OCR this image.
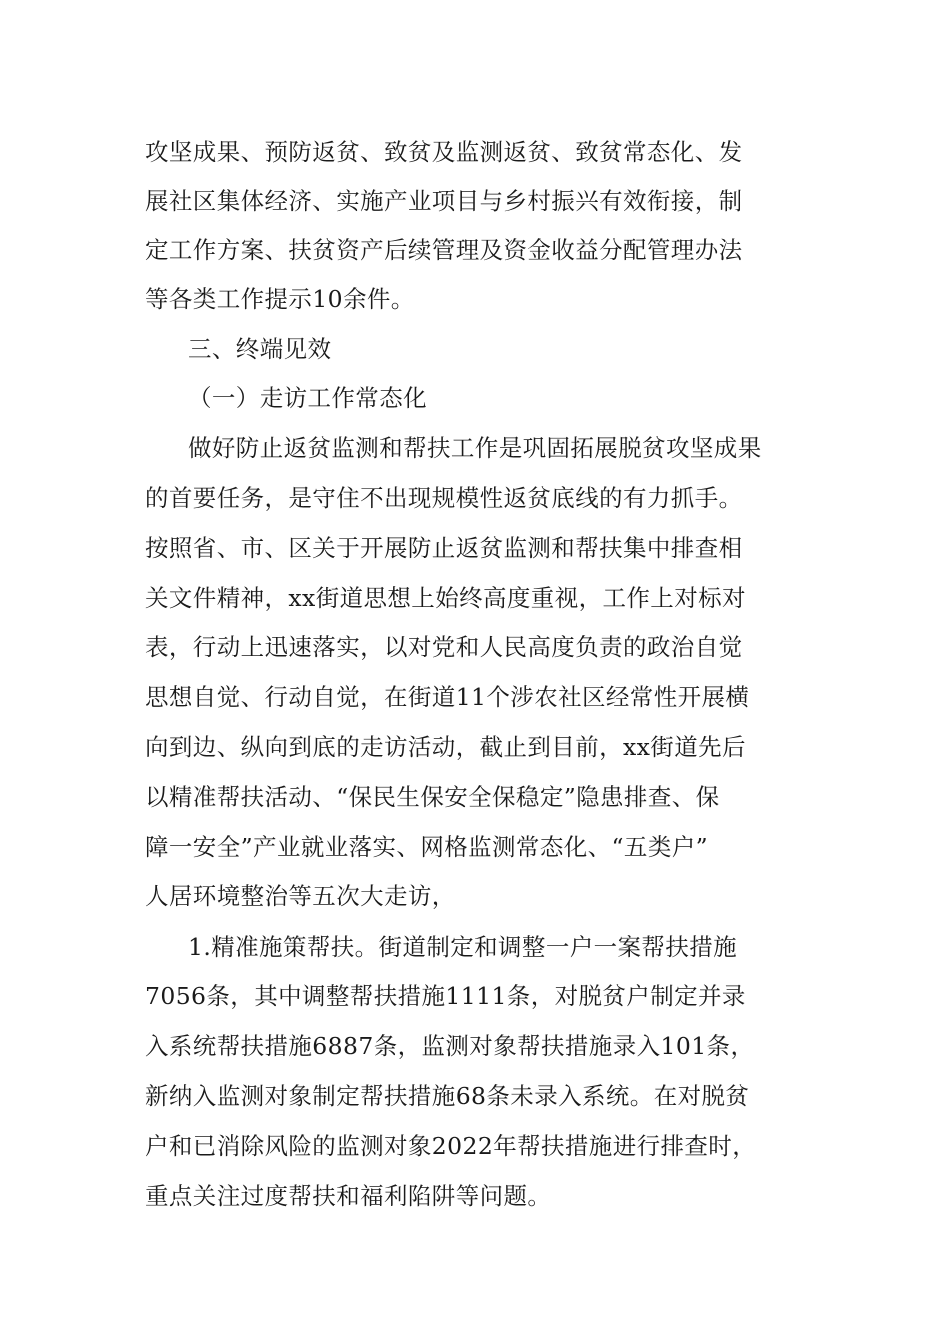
攻坚成果、预防返贫、致贫及监测返贫、致贫常态化、发
展社区集体经济、实施产业项目与乡村振兴有效衔接，制
定工作方案、扶贫资产后续管理及资金收益分配管理办法
等各类工作提示10余件。
三、终端见效
（一）走访工作常态化
做好防止返贫监测和帮扶工作是巩固拓展脱贫攻坚成果
的首要任务，是守住不出现规模性返贫底线的有力抓手。
按照省、市、区关于开展防止返贫监测和帮扶集中排查相
关文件精神，xx街道思想上始终高度重视，工作上对标对
表，行动上迅速落实，以对党和人民高度负责的政治自觉
思想自觉、行动自觉，在街道11个涉农社区经常性开展横
向到边、纵向到底的走访活动，截止到目前，xx街道先后
以精准帮扶活动、“保民生保安全保稳定”隐患排查、保
障一安全”产业就业落实、网格监测常态化、“五类户”
人居环境整治等五次大走访，
1.精准施策帮扶。街道制定和调整一户一案帮扶措施
7056条，其中调整帮扶措施1111条，对脱贫户制定并录
入系统帮扶措施6887条，监测对象帮扶措施录入101条，
新纳入监测对象制定帮扶措施68条未录入系统。在对脱贫
户和已消除风险的监测对象2022年帮扶措施进行排查时，
重点关注过度帮扶和福利陷阱等问题。
